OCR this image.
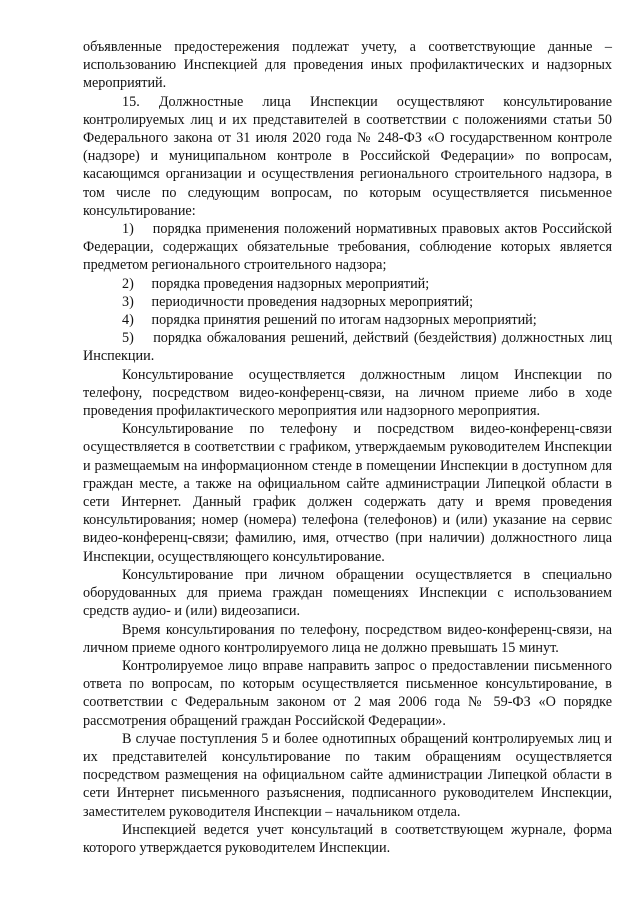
объявленные предостережения подлежат учету, а соответствующие данные – использованию Инспекцией для проведения иных профилактических и надзорных мероприятий.

15. Должностные лица Инспекции осуществляют консультирование контролируемых лиц и их представителей в соответствии с положениями статьи 50 Федерального закона от 31 июля 2020 года № 248-ФЗ «О государственном контроле (надзоре) и муниципальном контроле в Российской Федерации» по вопросам, касающимся организации и осуществления регионального строительного надзора, в том числе по следующим вопросам, по которым осуществляется письменное консультирование:

1) порядка применения положений нормативных правовых актов Российской Федерации, содержащих обязательные требования, соблюдение которых является предметом регионального строительного надзора;

2) порядка проведения надзорных мероприятий;

3) периодичности проведения надзорных мероприятий;

4) порядка принятия решений по итогам надзорных мероприятий;

5) порядка обжалования решений, действий (бездействия) должностных лиц Инспекции.

Консультирование осуществляется должностным лицом Инспекции по телефону, посредством видео-конференц-связи, на личном приеме либо в ходе проведения профилактического мероприятия или надзорного мероприятия.

Консультирование по телефону и посредством видео-конференц-связи осуществляется в соответствии с графиком, утверждаемым руководителем Инспекции и размещаемым на информационном стенде в помещении Инспекции в доступном для граждан месте, а также на официальном сайте администрации Липецкой области в сети Интернет. Данный график должен содержать дату и время проведения консультирования; номер (номера) телефона (телефонов) и (или) указание на сервис видео-конференц-связи; фамилию, имя, отчество (при наличии) должностного лица Инспекции, осуществляющего консультирование.

Консультирование при личном обращении осуществляется в специально оборудованных для приема граждан помещениях Инспекции с использованием средств аудио- и (или) видеозаписи.

Время консультирования по телефону, посредством видео-конференц-связи, на личном приеме одного контролируемого лица не должно превышать 15 минут.

Контролируемое лицо вправе направить запрос о предоставлении письменного ответа по вопросам, по которым осуществляется письменное консультирование, в соответствии с Федеральным законом от 2 мая 2006 года № 59-ФЗ «О порядке рассмотрения обращений граждан Российской Федерации».

В случае поступления 5 и более однотипных обращений контролируемых лиц и их представителей консультирование по таким обращениям осуществляется посредством размещения на официальном сайте администрации Липецкой области в сети Интернет письменного разъяснения, подписанного руководителем Инспекции, заместителем руководителя Инспекции – начальником отдела.

Инспекцией ведется учет консультаций в соответствующем журнале, форма которого утверждается руководителем Инспекции.
